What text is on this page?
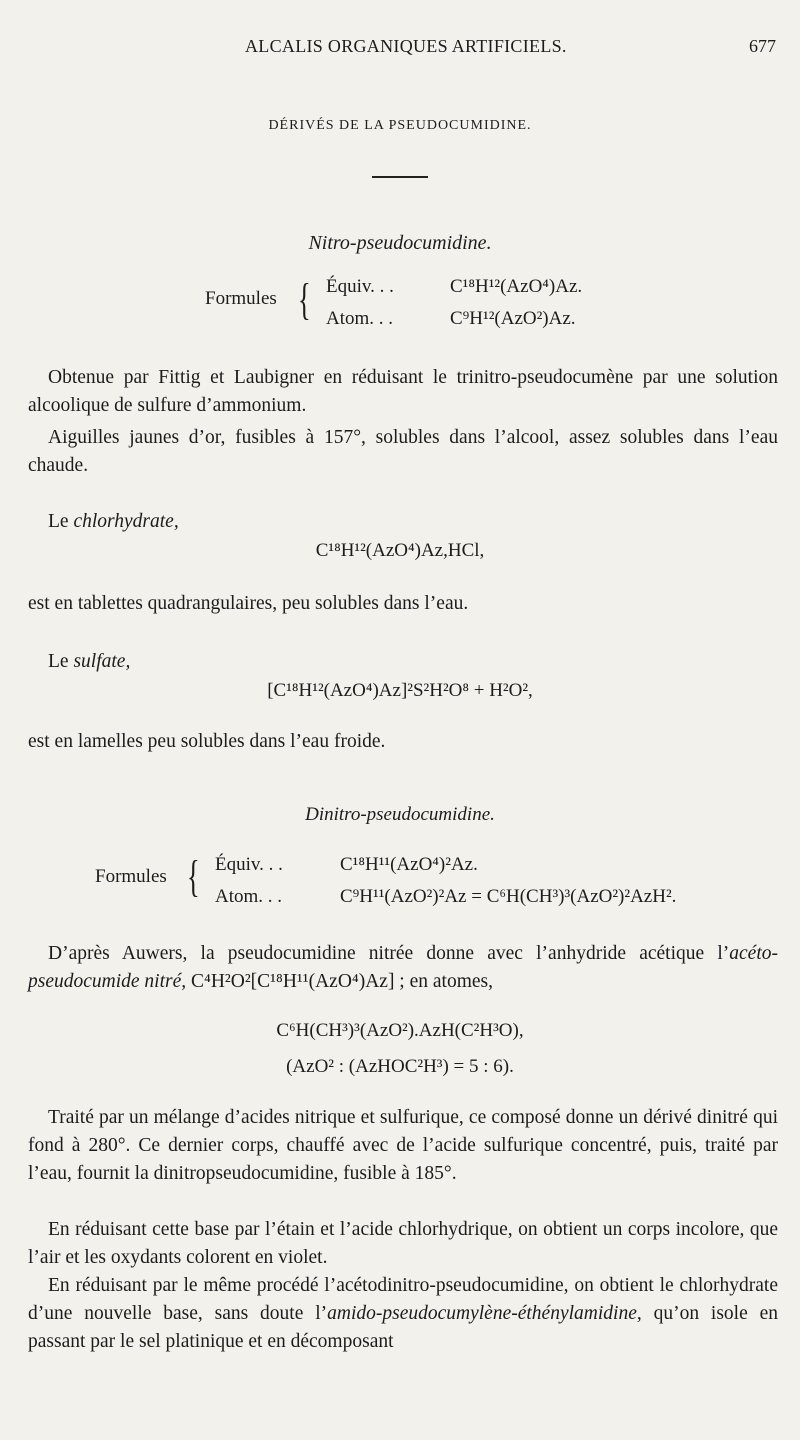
ALCALIS ORGANIQUES ARTIFICIELS.	677
DÉRIVÉS DE LA PSEUDOCUMIDINE.
Nitro-pseudocumidine.
Formules { Équiv. . .	C¹⁸H¹²(AzO⁴)Az.
Atom. . .	C⁹H¹²(AzO²)Az.

Obtenue par Fittig et Laubigner en réduisant le trinitro-pseudocumène par une solution alcoolique de sulfure d’ammonium.

Aiguilles jaunes d’or, fusibles à 157°, solubles dans l’alcool, assez solubles dans l’eau chaude.

Le chlorhydrate,
C¹⁸H¹²(AzO⁴)Az,HCl,
est en tablettes quadrangulaires, peu solubles dans l’eau.
Le sulfate,
[C¹⁸H¹²(AzO⁴)Az]²S²H²O⁸ + H²O²,
est en lamelles peu solubles dans l’eau froide.
Dinitro-pseudocumidine.
Formules { Équiv. . .	C¹⁸H¹¹(AzO⁴)²Az.
Atom. . .	C⁹H¹¹(AzO²)²Az = C⁶H(CH³)³(AzO²)²AzH².

D’après Auwers, la pseudocumidine nitrée donne avec l’anhydride acétique l’acéto-pseudocumide nitré, C⁴H²O²[C¹⁸H¹¹(AzO⁴)Az] ; en atomes,

C⁶H(CH³)³(AzO²).AzH(C²H³O),
(AzO² : (AzHOC²H³) = 5 : 6).

Traité par un mélange d’acides nitrique et sulfurique, ce composé donne un dérivé dinitré qui fond à 280°. Ce dernier corps, chauffé avec de l’acide sulfurique concentré, puis, traité par l’eau, fournit la dinitropseudocumidine, fusible à 185°.

En réduisant cette base par l’étain et l’acide chlorhydrique, on obtient un corps incolore, que l’air et les oxydants colorent en violet.

En réduisant par le même procédé l’acétodinitro-pseudocumidine, on obtient le chlorhydrate d’une nouvelle base, sans doute l’amido-pseudocumylène-éthénylamidine, qu’on isole en passant par le sel platinique et en décomposant
